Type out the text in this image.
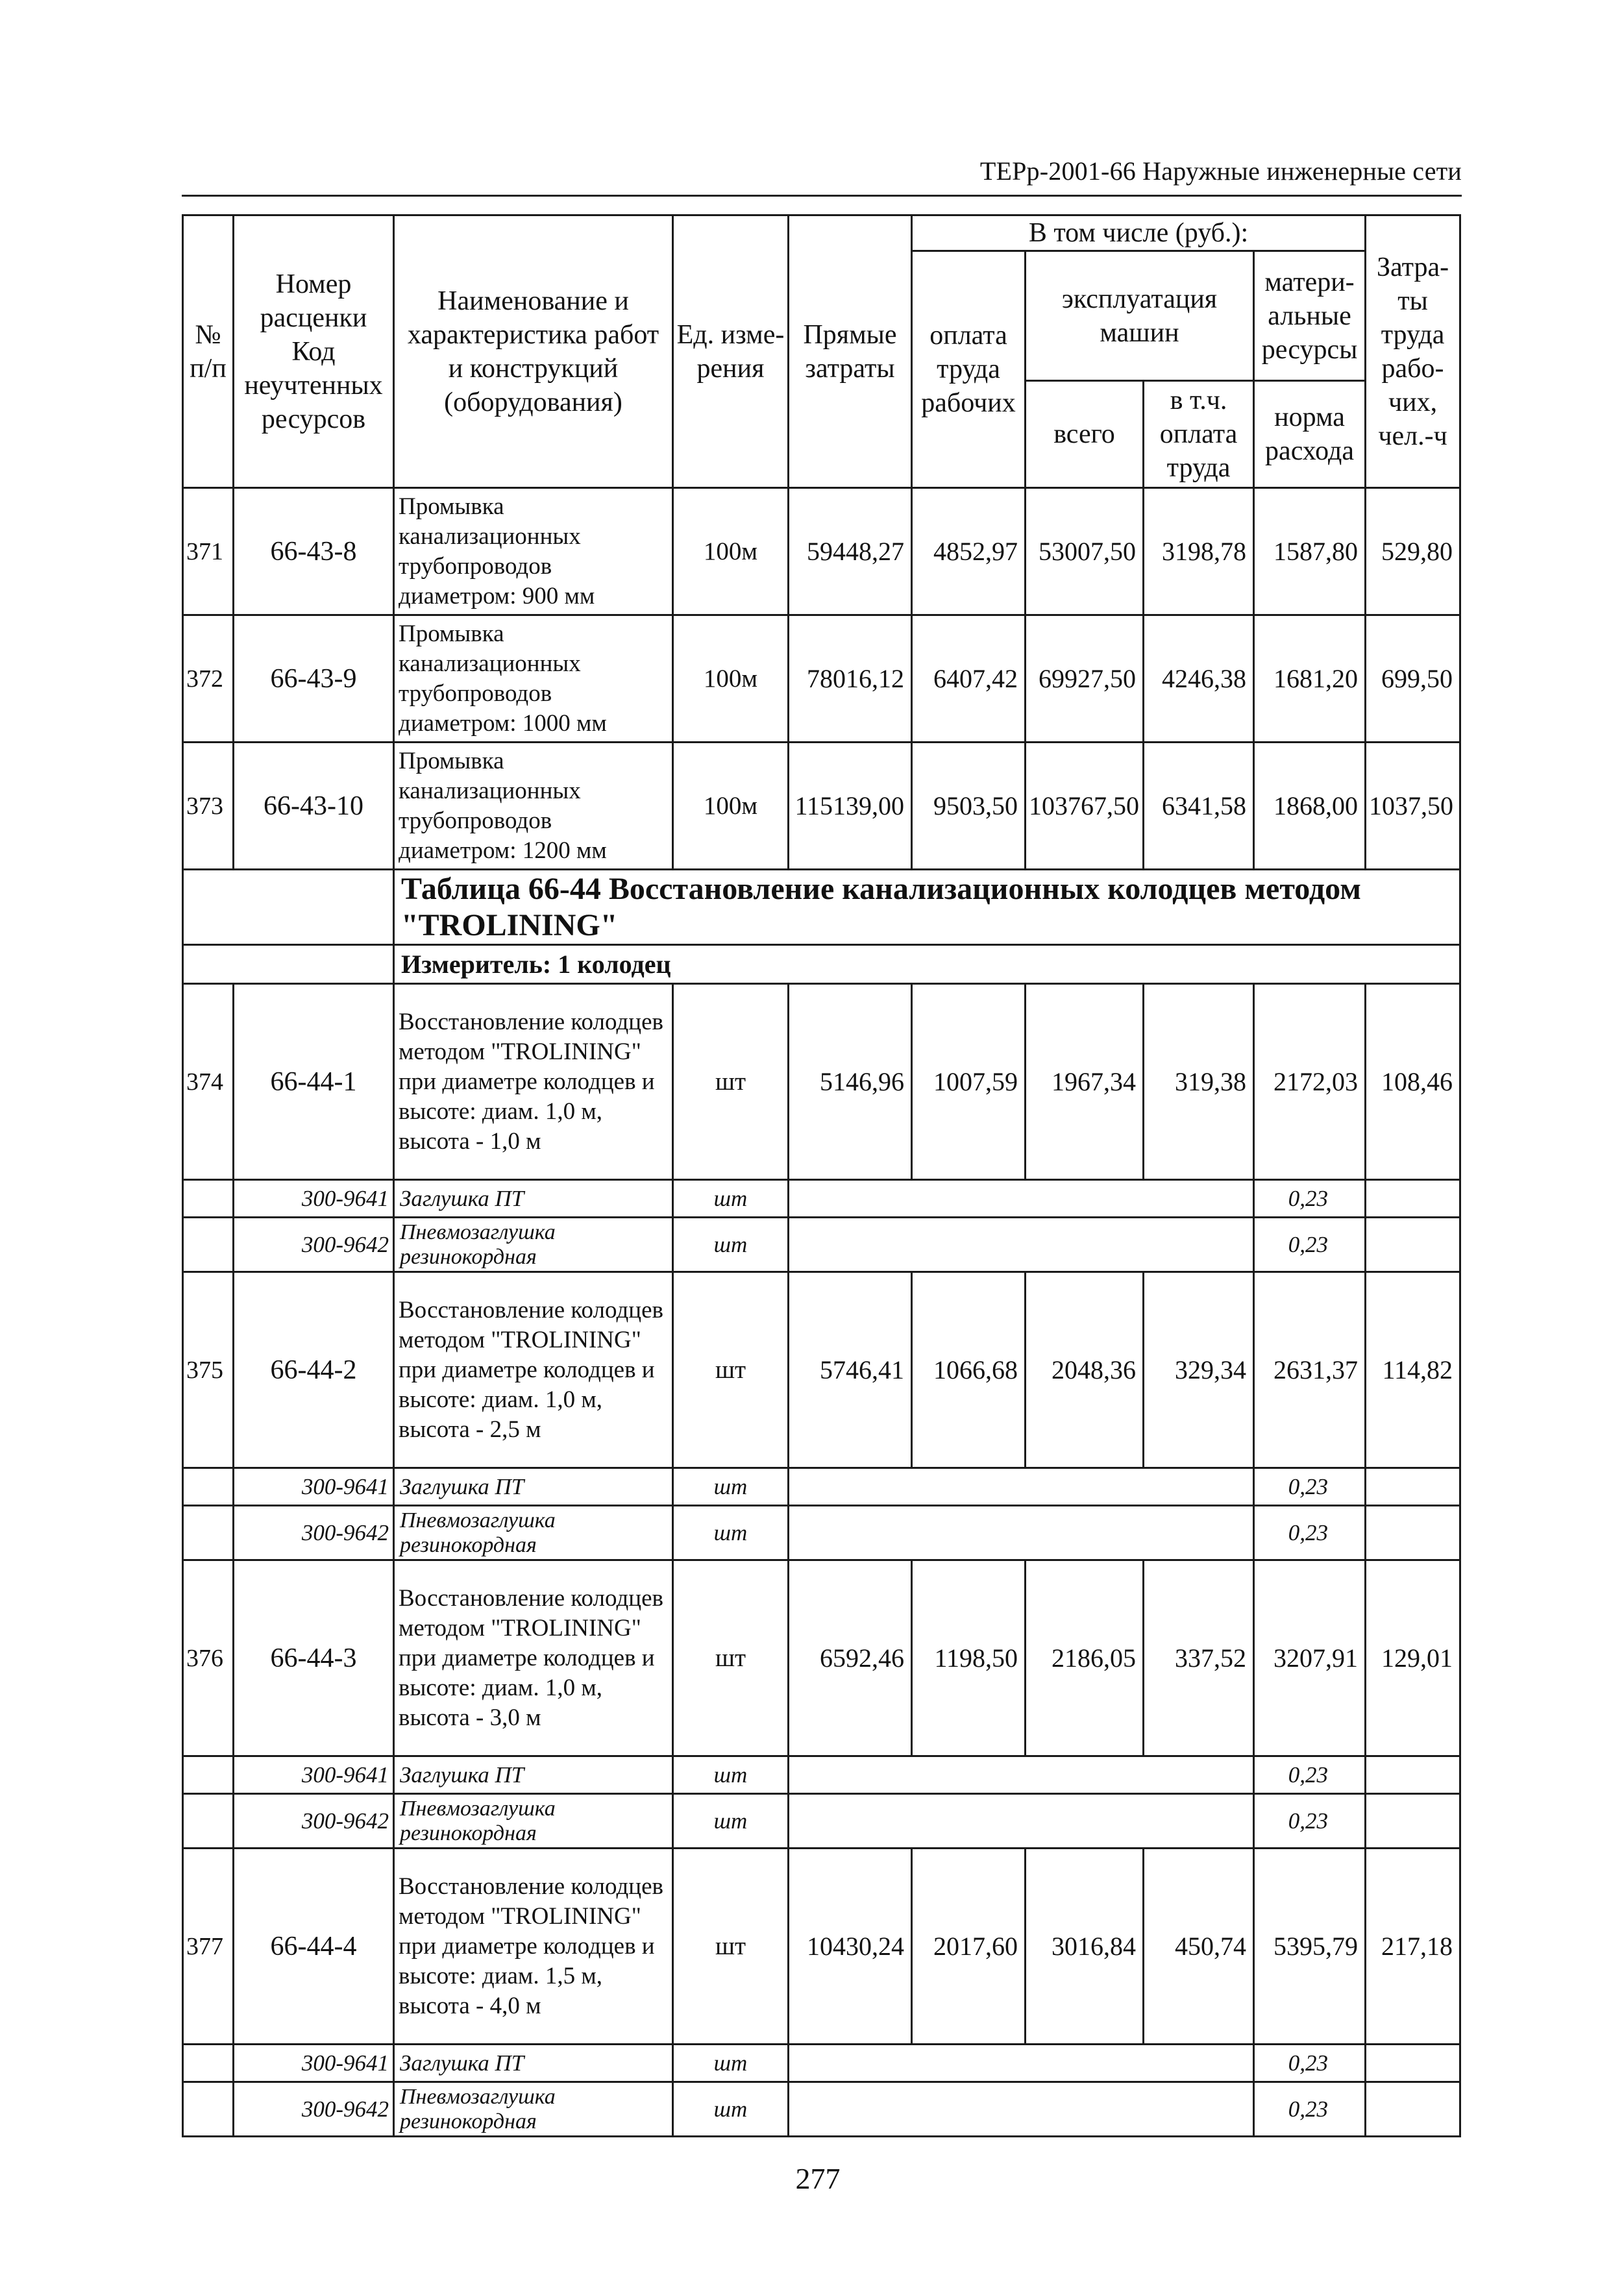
ТЕРр-2001-66 Наружные инженерные сети
№ п/п	Номер расценки Код неучтенных ресурсов	Наименование и характеристика работ и конструкций (оборудования)	Ед. изме- рения	Прямые затраты	В том числе (руб.):				Затра- ты труда рабо- чих, чел.-ч
					оплата труда рабочих	эксплуатация машин		матери- альные ресурсы	
						всего	в т.ч. оплата труда	норма расхода	
371	66-43-8	Промывка канализационных трубопроводов диаметром: 900 мм	100м	59448,27	4852,97	53007,50	3198,78	1587,80	529,80
372	66-43-9	Промывка канализационных трубопроводов диаметром: 1000 мм	100м	78016,12	6407,42	69927,50	4246,38	1681,20	699,50
373	66-43-10	Промывка канализационных трубопроводов диаметром: 1200 мм	100м	115139,00	9503,50	103767,50	6341,58	1868,00	1037,50
		Таблица 66-44 Восстановление канализационных колодцев методом "TROLINING"							
		Измеритель: 1 колодец							
374	66-44-1	Восстановление колодцев методом "TROLINING" при диаметре колодцев и высоте: диам. 1,0 м, высота - 1,0 м	шт	5146,96	1007,59	1967,34	319,38	2172,03	108,46
	300-9641	Заглушка ПТ	шт					0,23	
	300-9642	Пневмозаглушка резинокордная	шт					0,23	
375	66-44-2	Восстановление колодцев методом "TROLINING" при диаметре колодцев и высоте: диам. 1,0 м, высота - 2,5 м	шт	5746,41	1066,68	2048,36	329,34	2631,37	114,82
	300-9641	Заглушка ПТ	шт					0,23	
	300-9642	Пневмозаглушка резинокордная	шт					0,23	
376	66-44-3	Восстановление колодцев методом "TROLINING" при диаметре колодцев и высоте: диам. 1,0 м, высота - 3,0 м	шт	6592,46	1198,50	2186,05	337,52	3207,91	129,01
	300-9641	Заглушка ПТ	шт					0,23	
	300-9642	Пневмозаглушка резинокордная	шт					0,23	
377	66-44-4	Восстановление колодцев методом "TROLINING" при диаметре колодцев и высоте: диам. 1,5 м, высота - 4,0 м	шт	10430,24	2017,60	3016,84	450,74	5395,79	217,18
	300-9641	Заглушка ПТ	шт					0,23	
	300-9642	Пневмозаглушка резинокордная	шт					0,23	
277
